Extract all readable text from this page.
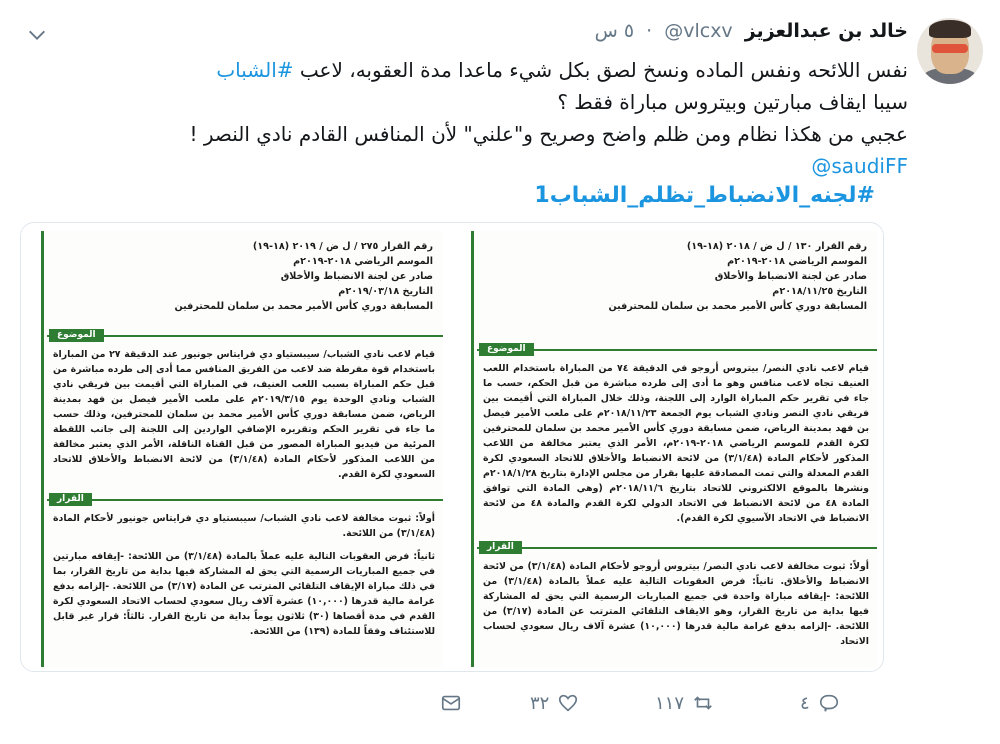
خالد بن عبدالعزيز @vlcxv · ٥ س
نفس اللائحه ونفس الماده ونسخ لصق بكل شيء ماعدا مدة العقوبه، لاعب #الشباب
سيبا ايقاف مبارتين وبيتروس مباراة فقط ؟
عجبي من هكذا نظام ومن ظلم واضح وصريح و"علني" لأن المنافس القادم نادي النصر !
@saudiFF
#لجنه_الانضباط_تظلم_الشباب1
رقم القرار ١٣٠ / ل ض / ٢٠١٨ (١٨-١٩)
الموسم الرياضي ٢٠١٨-٢٠١٩م
صادر عن لجنة الانضباط والأخلاق
التاريخ ٢٠١٨/١١/٢٥م
المسابقة دوري كأس الأمير محمد بن سلمان للمحترفين
الموضوع
قيام لاعب نادي النصر/ بيتروس أروجو في الدقيقة ٧٤ من المباراة باستخدام اللعب العنيف تجاه لاعب منافس وهو ما أدى إلى طرده مباشرة من قبل الحكم، حسب ما جاء في تقرير حكم المباراة الوارد إلى اللجنة، وذلك خلال المباراة التي أقيمت بين فريقي نادي النصر ونادي الشباب يوم الجمعة ٢٠١٨/١١/٢٣م على ملعب الأمير فيصل بن فهد بمدينة الرياض، ضمن مسابقة دوري كأس الأمير محمد بن سلمان للمحترفين لكرة القدم للموسم الرياضي ٢٠١٨-٢٠١٩م، الأمر الذي يعتبر مخالفة من اللاعب المذكور لأحكام المادة (٣/١/٤٨) من لائحة الانضباط والأخلاق للاتحاد السعودي لكرة القدم المعدلة والتي تمت المصادقة عليها بقرار من مجلس الإدارة بتاريخ ٢٠١٨/١/٢٨م ونشرها بالموقع الالكتروني للاتحاد بتاريخ ٢٠١٨/١١/٦م (وهي المادة التي توافق المادة ٤٨ من لائحة الانضباط في الاتحاد الدولي لكرة القدم والمادة ٤٨ من لائحة الانضباط في الاتحاد الآسيوي لكرة القدم).
القرار
أولاً: ثبوت مخالفة لاعب نادي النصر/ بيتروس أروجو لأحكام المادة (٣/١/٤٨) من لائحة الانضباط والأخلاق. ثانياً: فرض العقوبات التالية عليه عملاً بالمادة (٣/١/٤٨) من اللائحة: -إيقافه مباراة واحدة في جميع المباريات الرسمية التي يحق له المشاركة فيها بداية من تاريخ القرار، وهو الايقاف التلقائي المترتب عن المادة (٣/١٧) من اللائحة. -إلزامه بدفع غرامة مالية قدرها (١٠,٠٠٠) عشرة آلاف ريال سعودي لحساب الاتحاد
رقم القرار ٢٧٥ / ل ض / ٢٠١٩ (١٨-١٩)
الموسم الرياضي ٢٠١٨-٢٠١٩م
صادر عن لجنة الانضباط والأخلاق
التاريخ ٢٠١٩/٠٣/١٨م
المسابقة دوري كأس الأمير محمد بن سلمان للمحترفين
الموضوع
قيام لاعب نادي الشباب/ سيبستياو دي فرايتاس جونيور عند الدقيقة ٢٧ من المباراة باستخدام قوة مفرطة ضد لاعب من الفريق المنافس مما أدى إلى طرده مباشرة من قبل حكم المباراة بسبب اللعب العنيف، في المباراة التي أقيمت بين فريقي نادي الشباب ونادي الوحدة يوم ٢٠١٩/٣/١٥م على ملعب الأمير فيصل بن فهد بمدينة الرياض، ضمن مسابقة دوري كأس الأمير محمد بن سلمان للمحترفين، وذلك حسب ما جاء في تقرير الحكم وتقريره الإضافي الواردين إلى اللجنة إلى جانب اللقطة المرئية من فيديو المباراة المصور من قبل القناة الناقلة، الأمر الذي يعتبر مخالفة من اللاعب المذكور لأحكام المادة (٣/١/٤٨) من لائحة الانضباط والأخلاق للاتحاد السعودي لكرة القدم.
القرار
أولاً: ثبوت مخالفة لاعب نادي الشباب/ سيبستياو دي فرايتاس جونيور لأحكام المادة (٣/١/٤٨) من اللائحة.
ثانياً: فرض العقوبات التالية عليه عملاً بالمادة (٣/١/٤٨) من اللائحة: -إيقافه مبارتين في جميع المباريات الرسمية التي يحق له المشاركة فيها بداية من تاريخ القرار، بما في ذلك مباراة الإيقاف التلقائي المترتب عن المادة (٣/١٧) من اللائحة. -إلزامه بدفع غرامة مالية قدرها (١٠,٠٠٠) عشرة آلاف ريال سعودي لحساب الاتحاد السعودي لكرة القدم في مدة أقصاها (٣٠) ثلاثون يوماً بداية من تاريخ القرار. ثالثاً: قرار غير قابل للاستئناف وفقاً للمادة (١٣٩) من اللائحة.
٣٢	١١٧	٤
